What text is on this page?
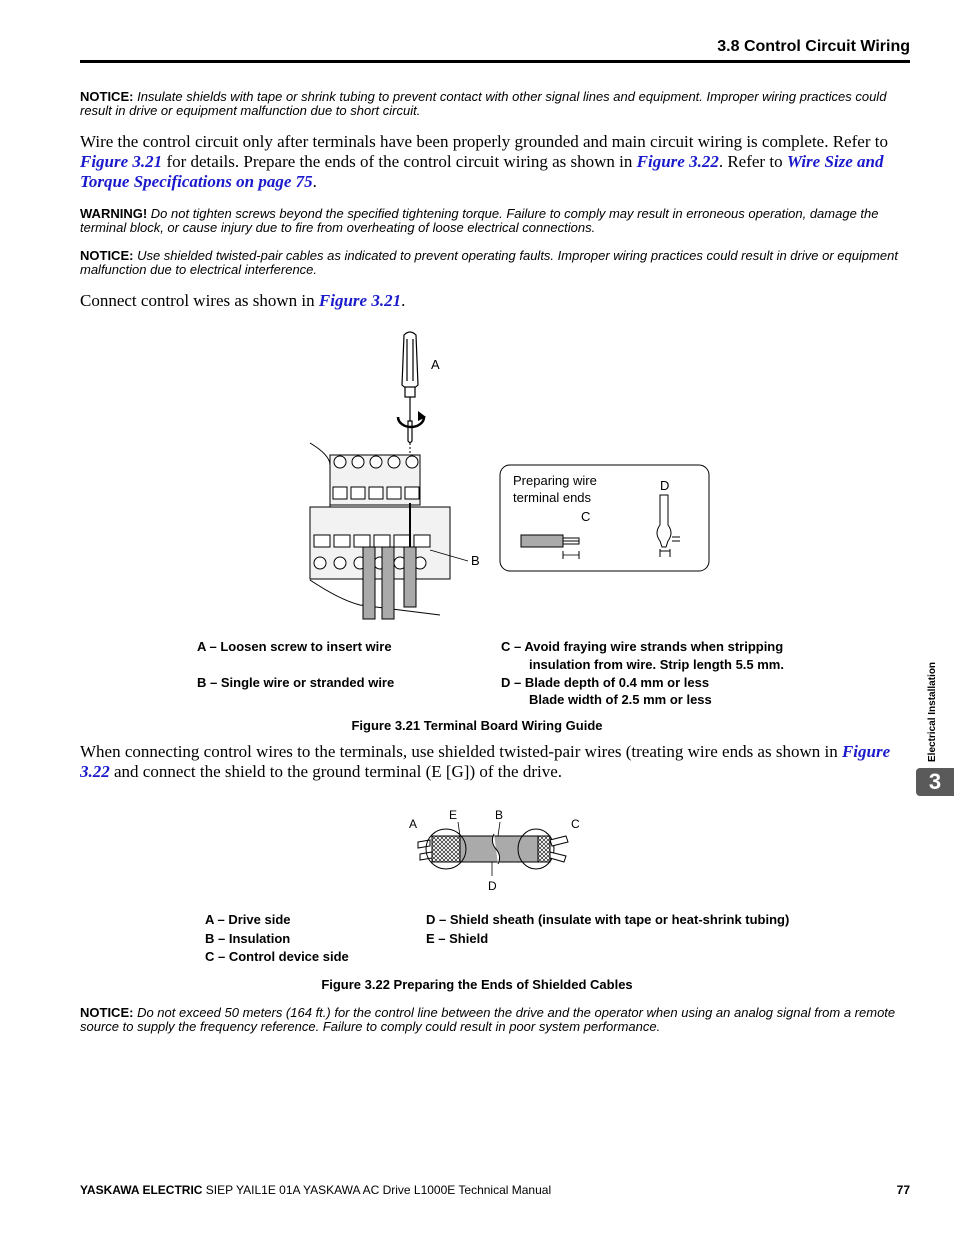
3.8 Control Circuit Wiring
NOTICE: Insulate shields with tape or shrink tubing to prevent contact with other signal lines and equipment. Improper wiring practices could result in drive or equipment malfunction due to short circuit.
Wire the control circuit only after terminals have been properly grounded and main circuit wiring is complete. Refer to Figure 3.21 for details. Prepare the ends of the control circuit wiring as shown in Figure 3.22. Refer to Wire Size and Torque Specifications on page 75.
WARNING! Do not tighten screws beyond the specified tightening torque. Failure to comply may result in erroneous operation, damage the terminal block, or cause injury due to fire from overheating of loose electrical connections.
NOTICE: Use shielded twisted-pair cables as indicated to prevent operating faults. Improper wiring practices could result in drive or equipment malfunction due to electrical interference.
Connect control wires as shown in Figure 3.21.
A
B
Preparing wire
terminal ends
C
D
A – Loosen screw to insert wire
B – Single wire or stranded wire
C – Avoid fraying wire strands when stripping
insulation from wire. Strip length 5.5 mm.
D – Blade depth of 0.4 mm or less
Blade width of 2.5 mm or less
Figure 3.21 Terminal Board Wiring Guide
When connecting control wires to the terminals, use shielded twisted-pair wires (treating wire ends as shown in Figure 3.22 and connect the shield to the ground terminal (E [G]) of the drive.
A
E	B
C
D
A – Drive side
B – Insulation
C – Control device side
D – Shield sheath (insulate with tape or heat-shrink tubing)
E – Shield
Figure 3.22 Preparing the Ends of Shielded Cables
NOTICE: Do not exceed 50 meters (164 ft.) for the control line between the drive and the operator when using an analog signal from a remote source to supply the frequency reference. Failure to comply could result in poor system performance.
Electrical Installation
3
YASKAWA ELECTRIC SIEP YAIL1E 01A YASKAWA AC Drive L1000E Technical Manual	77
